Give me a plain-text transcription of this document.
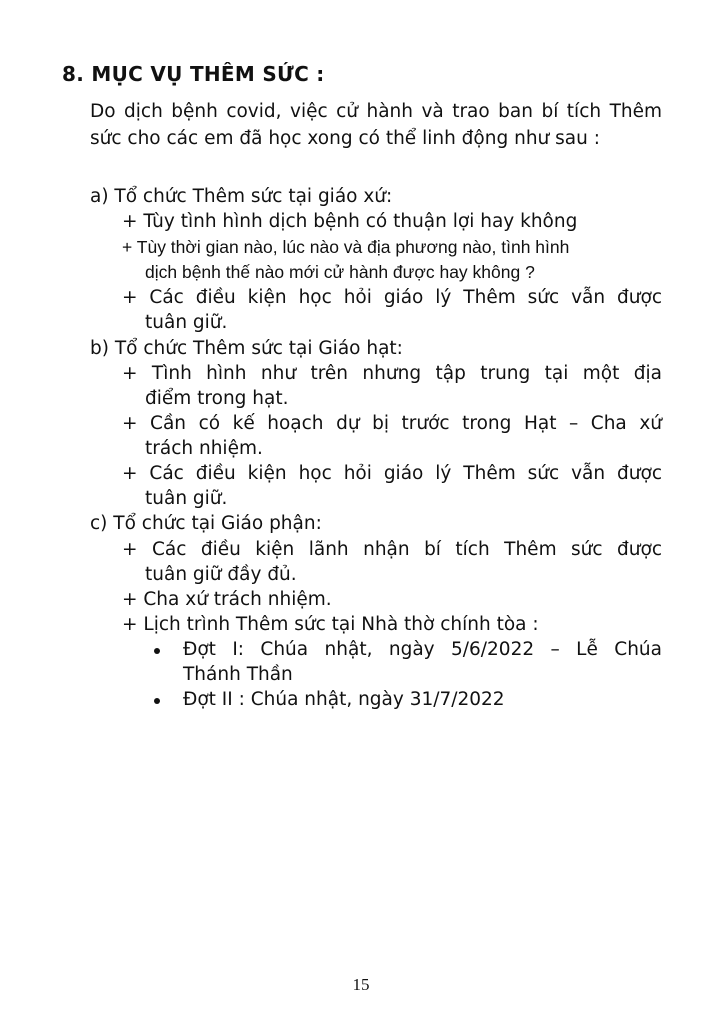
8. MỤC VỤ THÊM SỨC :
Do dịch bệnh covid, việc cử hành và trao ban bí tích Thêm sức cho các em đã học xong có thể linh động như sau :
a) Tổ chức Thêm sức tại giáo xứ:
+ Tùy tình hình dịch bệnh có thuận lợi hay không
+ Tùy thời gian nào, lúc nào và địa phương nào, tình hình
dịch bệnh thế nào mới cử hành được hay không ?
+ Các điều kiện học hỏi giáo lý Thêm sức vẫn được
tuân giữ.
b) Tổ chức Thêm sức tại Giáo hạt:
+ Tình hình như trên nhưng tập trung tại một địa
điểm trong hạt.
+ Cần có kế hoạch dự bị trước trong Hạt – Cha xứ
trách nhiệm.
+ Các điều kiện học hỏi giáo lý Thêm sức vẫn được
tuân giữ.
c) Tổ chức tại Giáo phận:
+ Các điều kiện lãnh nhận bí tích Thêm sức được
tuân giữ đầy đủ.
+ Cha xứ trách nhiệm.
+ Lịch trình Thêm sức tại Nhà thờ chính tòa :
Đợt I: Chúa nhật, ngày 5/6/2022 – Lễ Chúa
Thánh Thần
Đợt II : Chúa nhật, ngày 31/7/2022
15
